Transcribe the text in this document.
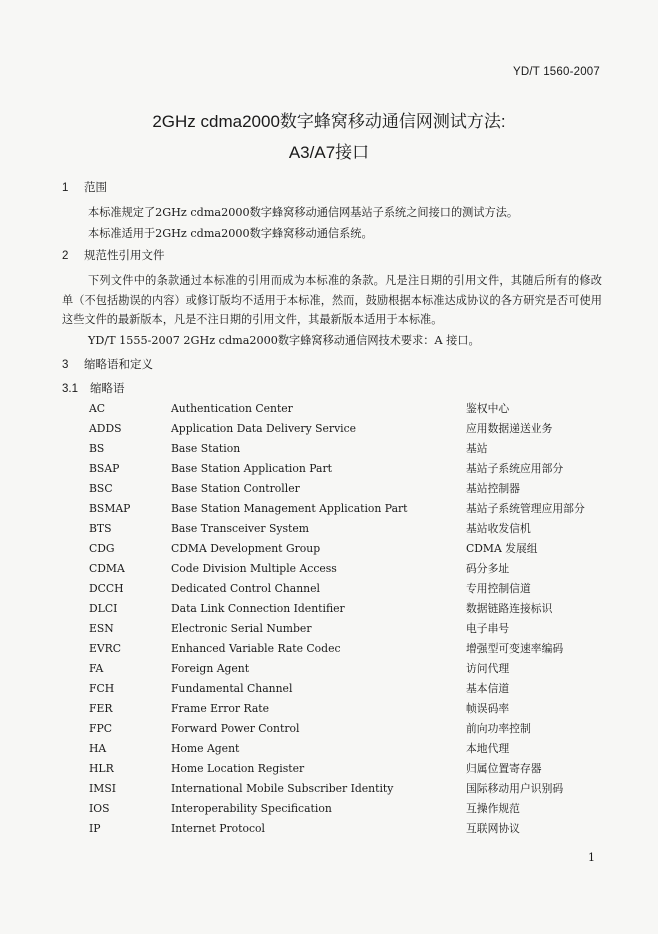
YD/T 1560-2007
2GHz cdma2000数字蜂窝移动通信网测试方法:
A3/A7接口
1 范围
本标准规定了2GHz cdma2000数字蜂窝移动通信网基站子系统之间接口的测试方法。
本标准适用于2GHz cdma2000数字蜂窝移动通信系统。
2 规范性引用文件
下列文件中的条款通过本标准的引用而成为本标准的条款。凡是注日期的引用文件，其随后所有的修改单（不包括勘误的内容）或修订版均不适用于本标准，然而，鼓励根据本标准达成协议的各方研究是否可使用这些文件的最新版本，凡是不注日期的引用文件，其最新版本适用于本标准。
YD/T 1555-2007 2GHz cdma2000数字蜂窝移动通信网技术要求：A 接口。
3 缩略语和定义
3.1 缩略语
AC	Authentication Center	鉴权中心
ADDS	Application Data Delivery Service	应用数据递送业务
BS	Base Station	基站
BSAP	Base Station Application Part	基站子系统应用部分
BSC	Base Station Controller	基站控制器
BSMAP	Base Station Management Application Part	基站子系统管理应用部分
BTS	Base Transceiver System	基站收发信机
CDG	CDMA Development Group	CDMA 发展组
CDMA	Code Division Multiple Access	码分多址
DCCH	Dedicated Control Channel	专用控制信道
DLCI	Data Link Connection Identifier	数据链路连接标识
ESN	Electronic Serial Number	电子串号
EVRC	Enhanced Variable Rate Codec	增强型可变速率编码
FA	Foreign Agent	访问代理
FCH	Fundamental Channel	基本信道
FER	Frame Error Rate	帧误码率
FPC	Forward Power Control	前向功率控制
HA	Home Agent	本地代理
HLR	Home Location Register	归属位置寄存器
IMSI	International Mobile Subscriber Identity	国际移动用户识别码
IOS	Interoperability Specification	互操作规范
IP	Internet Protocol	互联网协议
1
